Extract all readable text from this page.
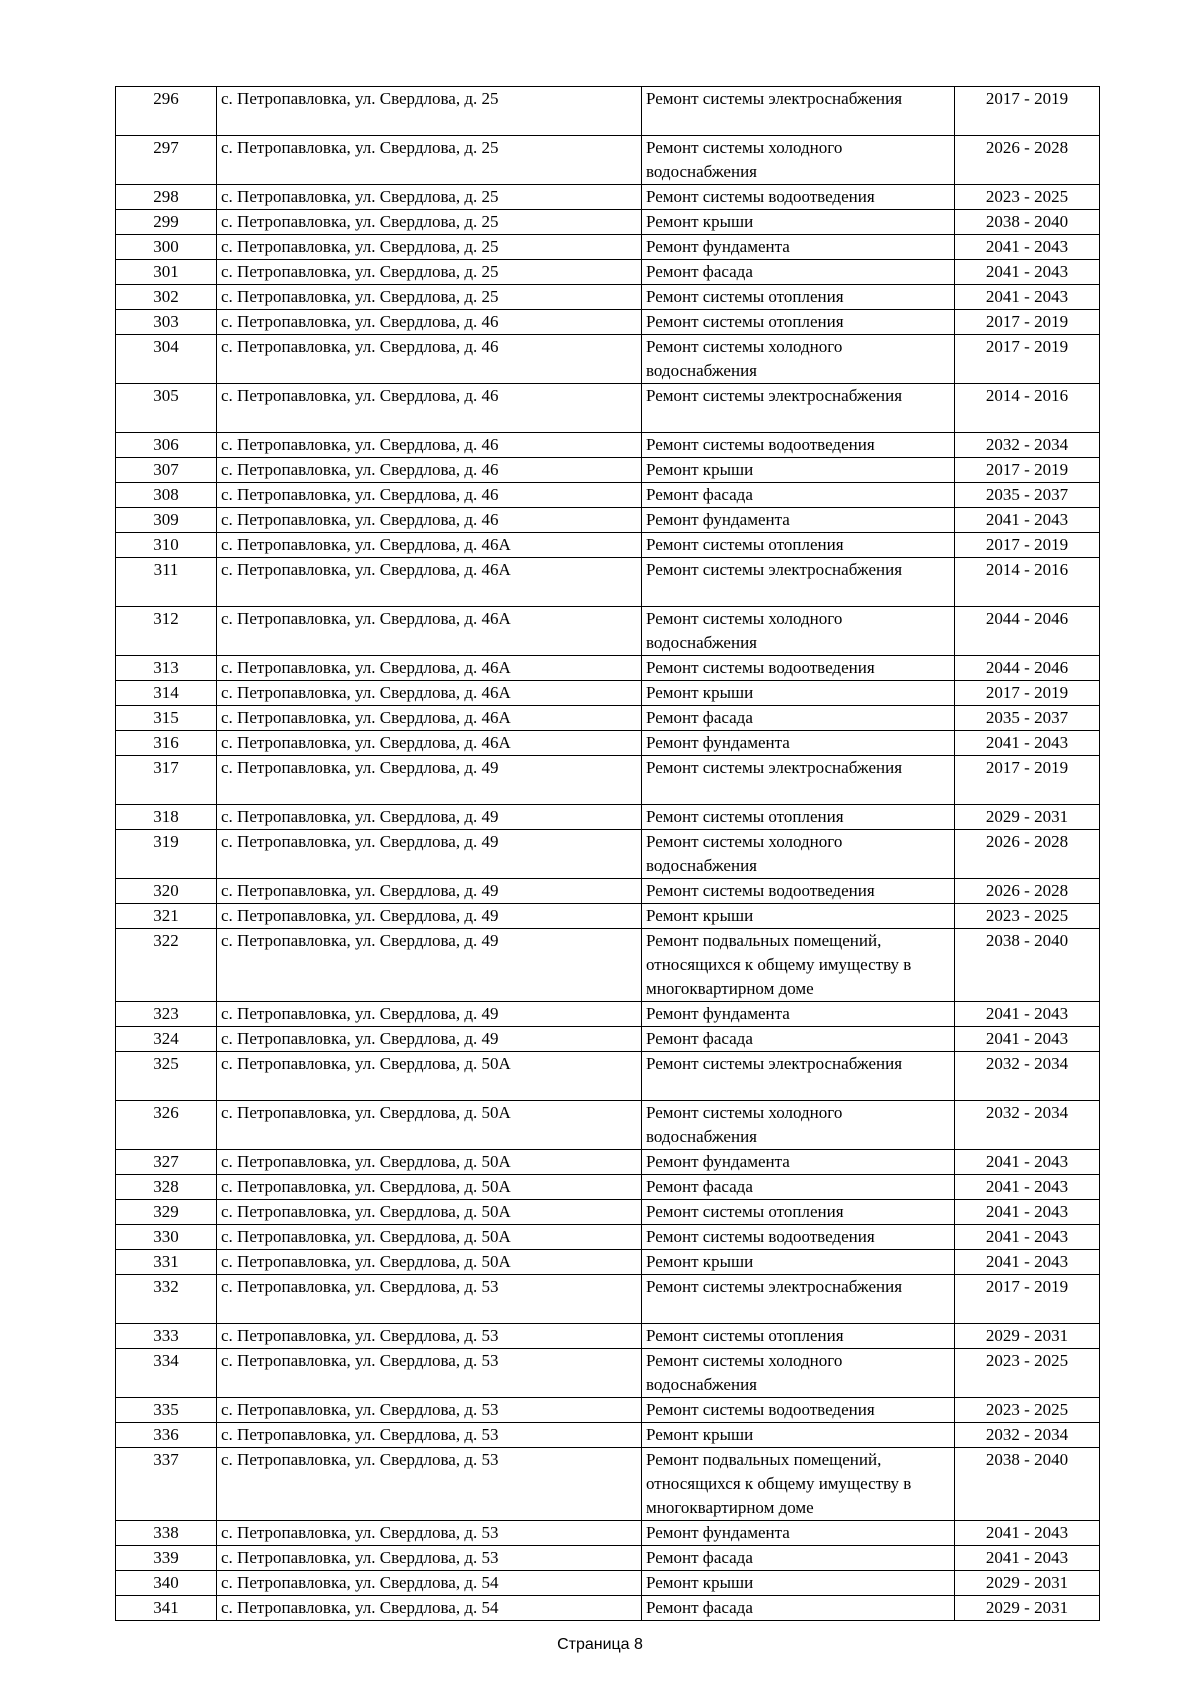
296	с. Петропавловка, ул. Свердлова, д. 25	Ремонт системы электроснабжения	2017 - 2019
297	с. Петропавловка, ул. Свердлова, д. 25	Ремонт системы холодного водоснабжения	2026 - 2028
298	с. Петропавловка, ул. Свердлова, д. 25	Ремонт системы водоотведения	2023 - 2025
299	с. Петропавловка, ул. Свердлова, д. 25	Ремонт крыши	2038 - 2040
300	с. Петропавловка, ул. Свердлова, д. 25	Ремонт фундамента	2041 - 2043
301	с. Петропавловка, ул. Свердлова, д. 25	Ремонт фасада	2041 - 2043
302	с. Петропавловка, ул. Свердлова, д. 25	Ремонт системы отопления	2041 - 2043
303	с. Петропавловка, ул. Свердлова, д. 46	Ремонт системы отопления	2017 - 2019
304	с. Петропавловка, ул. Свердлова, д. 46	Ремонт системы холодного водоснабжения	2017 - 2019
305	с. Петропавловка, ул. Свердлова, д. 46	Ремонт системы электроснабжения	2014 - 2016
306	с. Петропавловка, ул. Свердлова, д. 46	Ремонт системы водоотведения	2032 - 2034
307	с. Петропавловка, ул. Свердлова, д. 46	Ремонт крыши	2017 - 2019
308	с. Петропавловка, ул. Свердлова, д. 46	Ремонт фасада	2035 - 2037
309	с. Петропавловка, ул. Свердлова, д. 46	Ремонт фундамента	2041 - 2043
310	с. Петропавловка, ул. Свердлова, д. 46А	Ремонт системы отопления	2017 - 2019
311	с. Петропавловка, ул. Свердлова, д. 46А	Ремонт системы электроснабжения	2014 - 2016
312	с. Петропавловка, ул. Свердлова, д. 46А	Ремонт системы холодного водоснабжения	2044 - 2046
313	с. Петропавловка, ул. Свердлова, д. 46А	Ремонт системы водоотведения	2044 - 2046
314	с. Петропавловка, ул. Свердлова, д. 46А	Ремонт крыши	2017 - 2019
315	с. Петропавловка, ул. Свердлова, д. 46А	Ремонт фасада	2035 - 2037
316	с. Петропавловка, ул. Свердлова, д. 46А	Ремонт фундамента	2041 - 2043
317	с. Петропавловка, ул. Свердлова, д. 49	Ремонт системы электроснабжения	2017 - 2019
318	с. Петропавловка, ул. Свердлова, д. 49	Ремонт системы отопления	2029 - 2031
319	с. Петропавловка, ул. Свердлова, д. 49	Ремонт системы холодного водоснабжения	2026 - 2028
320	с. Петропавловка, ул. Свердлова, д. 49	Ремонт системы водоотведения	2026 - 2028
321	с. Петропавловка, ул. Свердлова, д. 49	Ремонт крыши	2023 - 2025
322	с. Петропавловка, ул. Свердлова, д. 49	Ремонт подвальных помещений, относящихся к общему имуществу в многоквартирном доме	2038 - 2040
323	с. Петропавловка, ул. Свердлова, д. 49	Ремонт фундамента	2041 - 2043
324	с. Петропавловка, ул. Свердлова, д. 49	Ремонт фасада	2041 - 2043
325	с. Петропавловка, ул. Свердлова, д. 50А	Ремонт системы электроснабжения	2032 - 2034
326	с. Петропавловка, ул. Свердлова, д. 50А	Ремонт системы холодного водоснабжения	2032 - 2034
327	с. Петропавловка, ул. Свердлова, д. 50А	Ремонт фундамента	2041 - 2043
328	с. Петропавловка, ул. Свердлова, д. 50А	Ремонт фасада	2041 - 2043
329	с. Петропавловка, ул. Свердлова, д. 50А	Ремонт системы отопления	2041 - 2043
330	с. Петропавловка, ул. Свердлова, д. 50А	Ремонт системы водоотведения	2041 - 2043
331	с. Петропавловка, ул. Свердлова, д. 50А	Ремонт крыши	2041 - 2043
332	с. Петропавловка, ул. Свердлова, д. 53	Ремонт системы электроснабжения	2017 - 2019
333	с. Петропавловка, ул. Свердлова, д. 53	Ремонт системы отопления	2029 - 2031
334	с. Петропавловка, ул. Свердлова, д. 53	Ремонт системы холодного водоснабжения	2023 - 2025
335	с. Петропавловка, ул. Свердлова, д. 53	Ремонт системы водоотведения	2023 - 2025
336	с. Петропавловка, ул. Свердлова, д. 53	Ремонт крыши	2032 - 2034
337	с. Петропавловка, ул. Свердлова, д. 53	Ремонт подвальных помещений, относящихся к общему имуществу в многоквартирном доме	2038 - 2040
338	с. Петропавловка, ул. Свердлова, д. 53	Ремонт фундамента	2041 - 2043
339	с. Петропавловка, ул. Свердлова, д. 53	Ремонт фасада	2041 - 2043
340	с. Петропавловка, ул. Свердлова, д. 54	Ремонт крыши	2029 - 2031
341	с. Петропавловка, ул. Свердлова, д. 54	Ремонт фасада	2029 - 2031
Страница 8
